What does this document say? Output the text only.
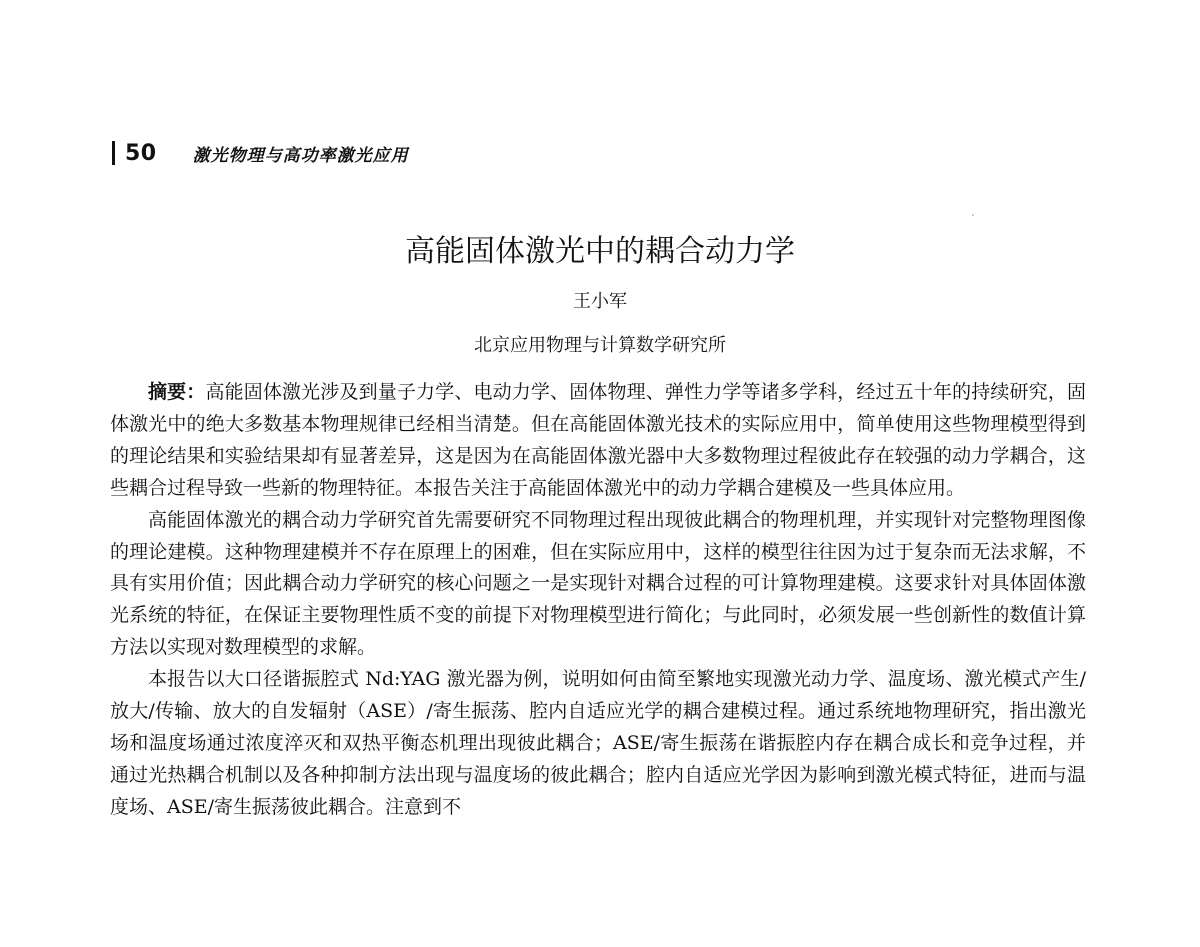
50 激光物理与高功率激光应用
高能固体激光中的耦合动力学
王小军
北京应用物理与计算数学研究所

摘要：高能固体激光涉及到量子力学、电动力学、固体物理、弹性力学等诸多学科，经过五十年的持续研究，固体激光中的绝大多数基本物理规律已经相当清楚。但在高能固体激光技术的实际应用中，简单使用这些物理模型得到的理论结果和实验结果却有显著差异，这是因为在高能固体激光器中大多数物理过程彼此存在较强的动力学耦合，这些耦合过程导致一些新的物理特征。本报告关注于高能固体激光中的动力学耦合建模及一些具体应用。

高能固体激光的耦合动力学研究首先需要研究不同物理过程出现彼此耦合的物理机理，并实现针对完整物理图像的理论建模。这种物理建模并不存在原理上的困难，但在实际应用中，这样的模型往往因为过于复杂而无法求解，不具有实用价值；因此耦合动力学研究的核心问题之一是实现针对耦合过程的可计算物理建模。这要求针对具体固体激光系统的特征，在保证主要物理性质不变的前提下对物理模型进行简化；与此同时，必须发展一些创新性的数值计算方法以实现对数理模型的求解。

本报告以大口径谐振腔式 Nd:YAG 激光器为例，说明如何由简至繁地实现激光动力学、温度场、激光模式产生/放大/传输、放大的自发辐射（ASE）/寄生振荡、腔内自适应光学的耦合建模过程。通过系统地物理研究，指出激光场和温度场通过浓度淬灭和双热平衡态机理出现彼此耦合；ASE/寄生振荡在谐振腔内存在耦合成长和竞争过程，并通过光热耦合机制以及各种抑制方法出现与温度场的彼此耦合；腔内自适应光学因为影响到激光模式特征，进而与温度场、ASE/寄生振荡彼此耦合。注意到不
